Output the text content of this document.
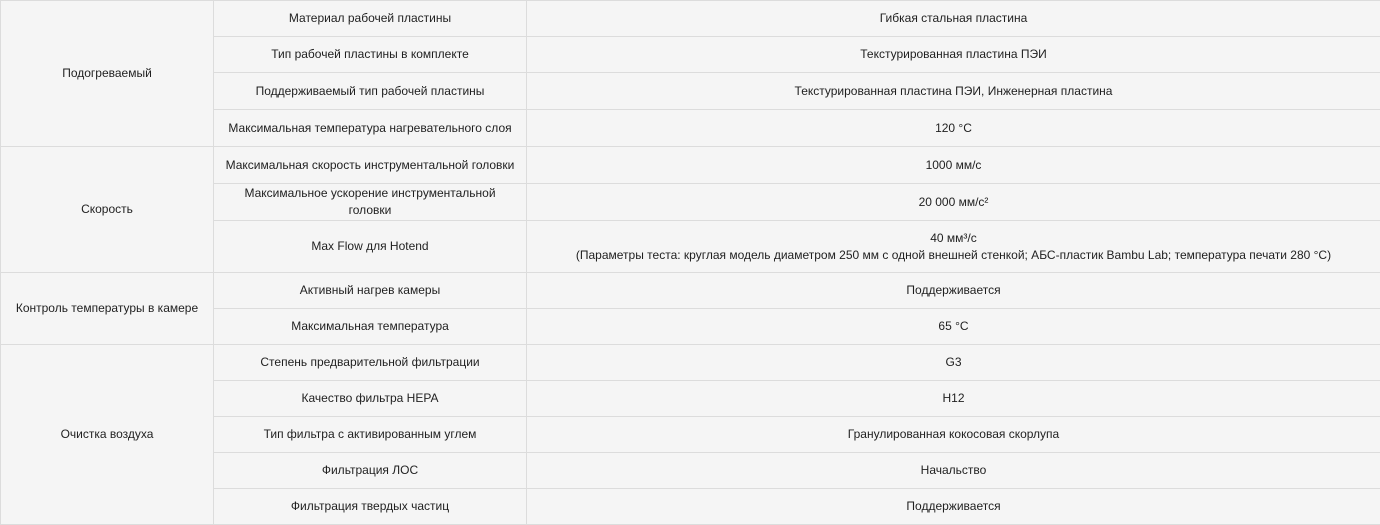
Подогреваемый	Материал рабочей пластины	Гибкая стальная пластина
	Тип рабочей пластины в комплекте	Текстурированная пластина ПЭИ
	Поддерживаемый тип рабочей пластины	Текстурированная пластина ПЭИ, Инженерная пластина
	Максимальная температура нагревательного слоя	120 °C
Скорость	Максимальная скорость инструментальной головки	1000 мм/с
	Максимальное ускорение инструментальной головки	20 000 мм/с²
	Max Flow для Hotend	40 мм³/с
(Параметры теста: круглая модель диаметром 250 мм с одной внешней стенкой; АБС-пластик Bambu Lab; температура печати 280 °C)

Контроль температуры в камере	Активный нагрев камеры	Поддерживается
	Максимальная температура	65 °C
Очистка воздуха	Степень предварительной фильтрации	G3
	Качество фильтра HEPA	H12
	Тип фильтра с активированным углем	Гранулированная кокосовая скорлупа
	Фильтрация ЛОС	Начальство
	Фильтрация твердых частиц	Поддерживается
